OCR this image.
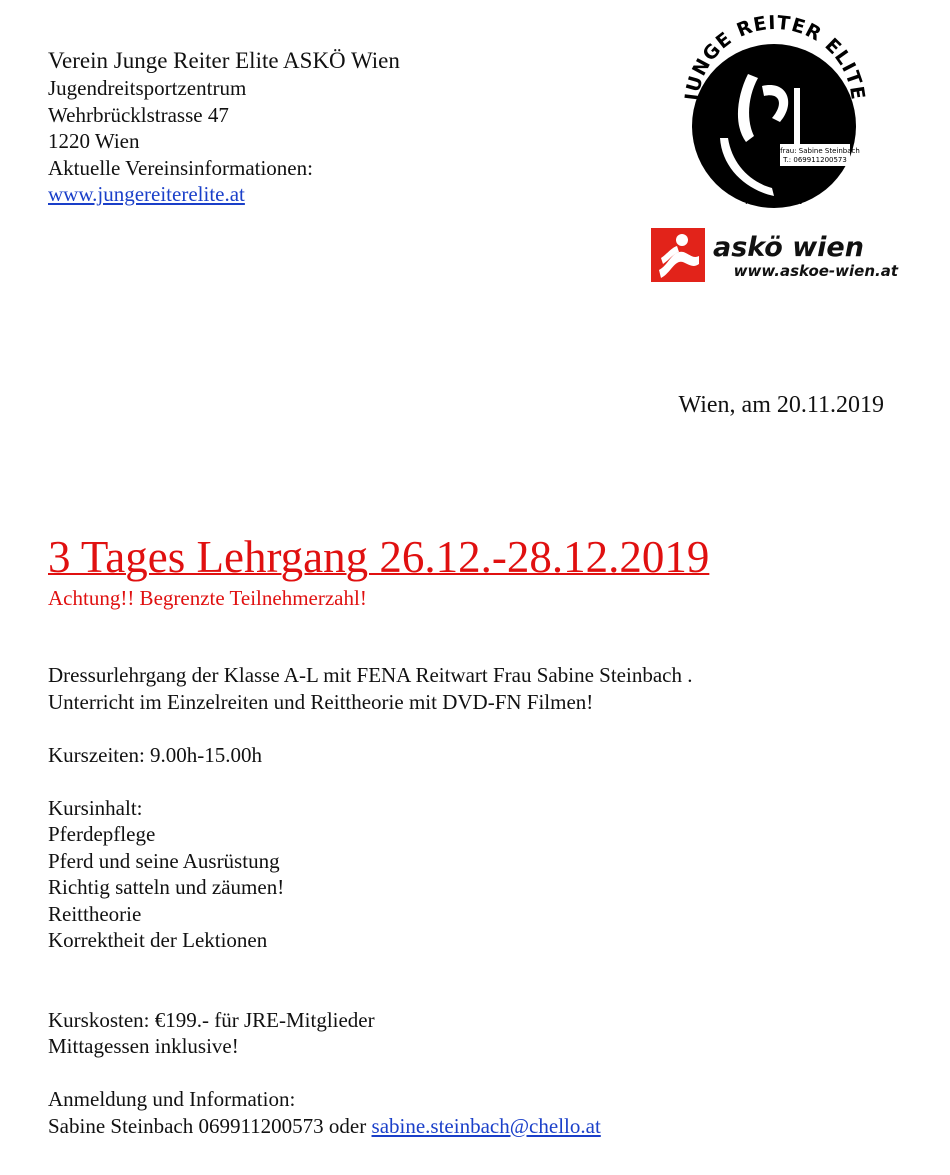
Verein Junge Reiter Elite ASKÖ Wien
Jugendreitsportzentrum
Wehrbrücklstrasse 47
1220 Wien
Aktuelle Vereinsinformationen:
www.jungereiterelite.at
JUNGE REITER ELITE
Obfrau: Sabine Steinbach
T.: 069911200573
ASKÖ WIEN
askö wien
www.askoe-wien.at
Wien, am 20.11.2019
3 Tages Lehrgang 26.12.-28.12.2019
Achtung!! Begrenzte Teilnehmerzahl!
Dressurlehrgang der Klasse A-L mit FENA Reitwart Frau Sabine Steinbach .
Unterricht im Einzelreiten und Reittheorie mit DVD-FN Filmen!
Kurszeiten: 9.00h-15.00h
Kursinhalt:
Pferdepflege
Pferd und seine Ausrüstung
Richtig satteln und zäumen!
Reittheorie
Korrektheit der Lektionen
Kurskosten: €199.- für JRE-Mitglieder
Mittagessen inklusive!
Anmeldung und Information:
Sabine Steinbach 069911200573 oder sabine.steinbach@chello.at
